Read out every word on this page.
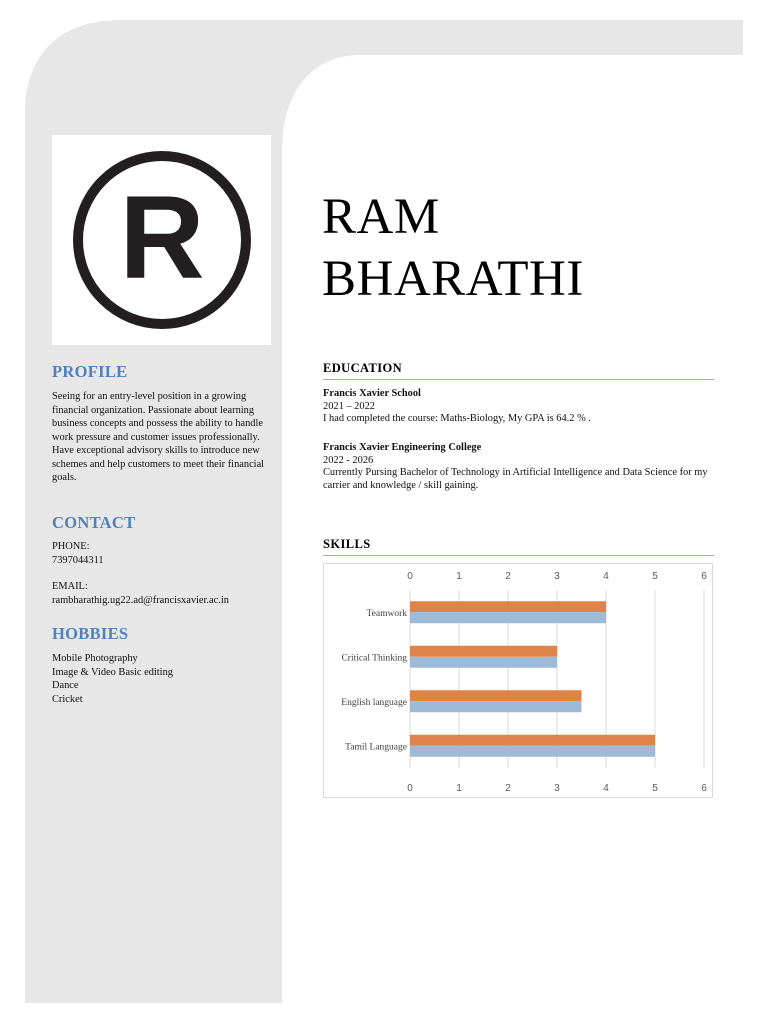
R
PROFILE

Seeing for an entry-level position in a growing financial organization. Passionate about learning business concepts and possess the ability to handle work pressure and customer issues professionally. Have exceptional advisory skills to introduce new schemes and help customers to meet their financial goals.

CONTACT
PHONE:
7397044311
EMAIL:
rambharathig.ug22.ad@francisxavier.ac.in
HOBBIES
Mobile Photography
Image & Video Basic editing
Dance
Cricket
RAM
BHARATHI
EDUCATION
Francis Xavier School
2021 – 2022
I had completed the course: Maths-Biology, My GPA is 64.2 % .
Francis Xavier Engineering College
2022 - 2026
Currently Pursing Bachelor of Technology in Artificial Intelligence and Data Science for my carrier and knowledge / skill gaining.
SKILLS
0
0
1
1
2
2
3
3
4
4
5
5
6
6
Teamwork
Critical Thinking
English language
Tamil Language
